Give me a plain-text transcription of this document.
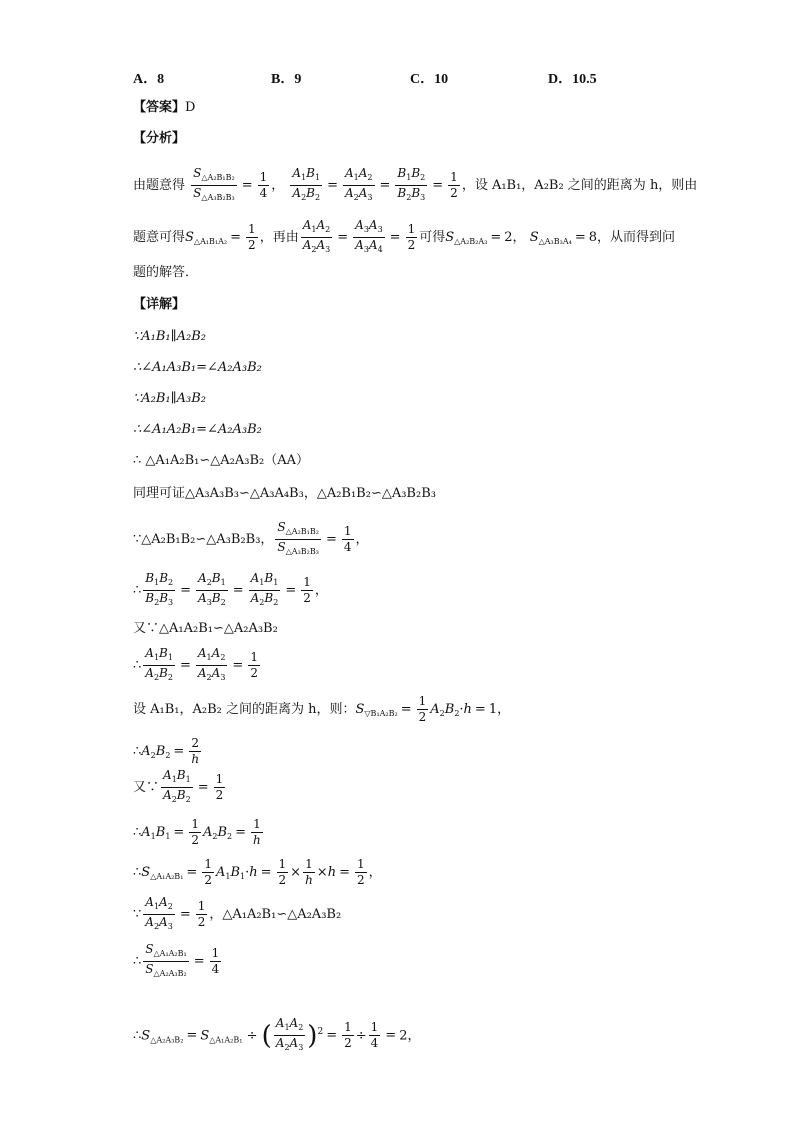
A．8	B．9	C．10	D．10.5
【答案】D
【分析】
由题意得 $\frac{S_{\triangle A_2B_1B_2}}{S_{\triangle A_3B_2B_3}} = \frac{1}{4}$ ， $\frac{A_1B_1}{A_2B_2} = \frac{A_1A_2}{A_2A_3} = \frac{B_1B_2}{B_2B_3} = \frac{1}{2}$ ，设 A₁B₁，A₂B₂ 之间的距离为 h，则由
题意可得$S_{\triangle A_1B_1A_2} = \frac{1}{2}$ ，再由 $\frac{A_1A_2}{A_2A_3} = \frac{A_3A_3}{A_3A_4} = \frac{1}{2}$ 可得$S_{\triangle A_2B_2A_3} = 2$， $S_{\triangle A_3B_3A_4} = 8$，从而得到问
题的解答．
【详解】
∵A₁B₁∥A₂B₂
∴∠A₁A₃B₁=∠A₂A₃B₂
∵A₂B₁∥A₃B₂
∴∠A₁A₂B₁=∠A₂A₃B₂
∴ △A₁A₂B₁∽△A₂A₃B₂（AA）
同理可证△A₃A₃B₃∽△A₃A₄B₃，△A₂B₁B₂∽△A₃B₂B₃
∵△A₂B₁B₂∽△A₃B₂B₃， $\frac{S_{\triangle A_2B_1B_2}}{S_{\triangle A_3B_2B_3}} = \frac{1}{4}$ ，
∴ $\frac{B_1B_2}{B_2B_3} = \frac{A_2B_1}{A_3B_2} = \frac{A_1B_1}{A_2B_2} = \frac{1}{2}$ ，
又∵△A₁A₂B₁∽△A₂A₃B₂
∴ $\frac{A_1B_1}{A_2B_2} = \frac{A_1A_2}{A_2A_3} = \frac{1}{2}$
设 A₁B₁，A₂B₂ 之间的距离为 h，则：$S_{▽B_1A_2B_2} = \frac{1}{2} A_2B_2\cdot h = 1$，
$\therefore A_2B_2 = \frac{2}{h}$
又∵ $\frac{A_1B_1}{A_2B_2} = \frac{1}{2}$
$\therefore A_1B_1 = \frac{1}{2} A_2B_2 = \frac{1}{h}$
$\therefore S_{\triangle A_1A_2B_1} = \frac{1}{2} A_1B_1\cdot h = \frac{1}{2} \times \frac{1}{h} \times h = \frac{1}{2}$ ，
∵ $\frac{A_1A_2}{A_2A_3} = \frac{1}{2}$ ，△A₁A₂B₁∽△A₂A₃B₂
∴ $\frac{S_{\triangle A_1A_2B_1}}{S_{\triangle A_2A_3B_2}} = \frac{1}{4}$
$\therefore S_{\triangle A_2A_3B_2} = S_{\triangle A_1A_2B_1}$ ÷ ( $\frac{A_1A_2}{A_2A_3} )^2 = \frac{1}{2} \div \frac{1}{4} = 2$，
